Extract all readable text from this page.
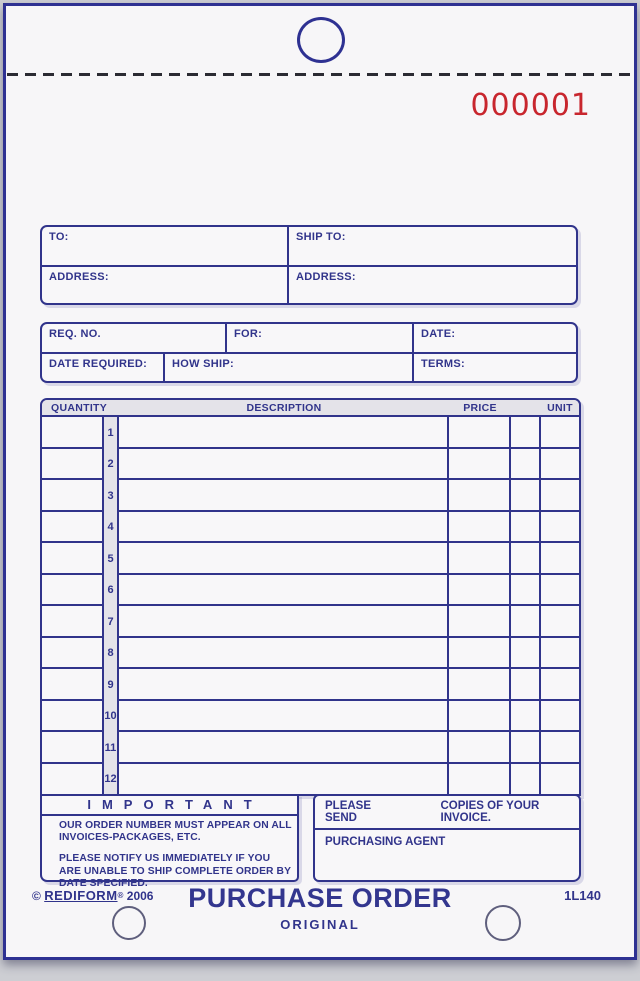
000001
TO:	SHIP TO:
ADDRESS:	ADDRESS:
REQ. NO.	FOR:	DATE:
DATE REQUIRED:	HOW SHIP:	TERMS:
QUANTITY	DESCRIPTION	PRICE	UNIT
1
2
3
4
5
6
7
8
9
10
11
12
IMPORTANT

OUR ORDER NUMBER MUST APPEAR ON ALL INVOICES-PACKAGES, ETC.

PLEASE NOTIFY US IMMEDIATELY IF YOU ARE UNABLE TO SHIP COMPLETE ORDER BY DATE SPECIFIED.

PLEASE SEND
COPIES OF YOUR INVOICE.
PURCHASING AGENT
© REDIFORM® 2006	PURCHASE ORDER	1L140
ORIGINAL
